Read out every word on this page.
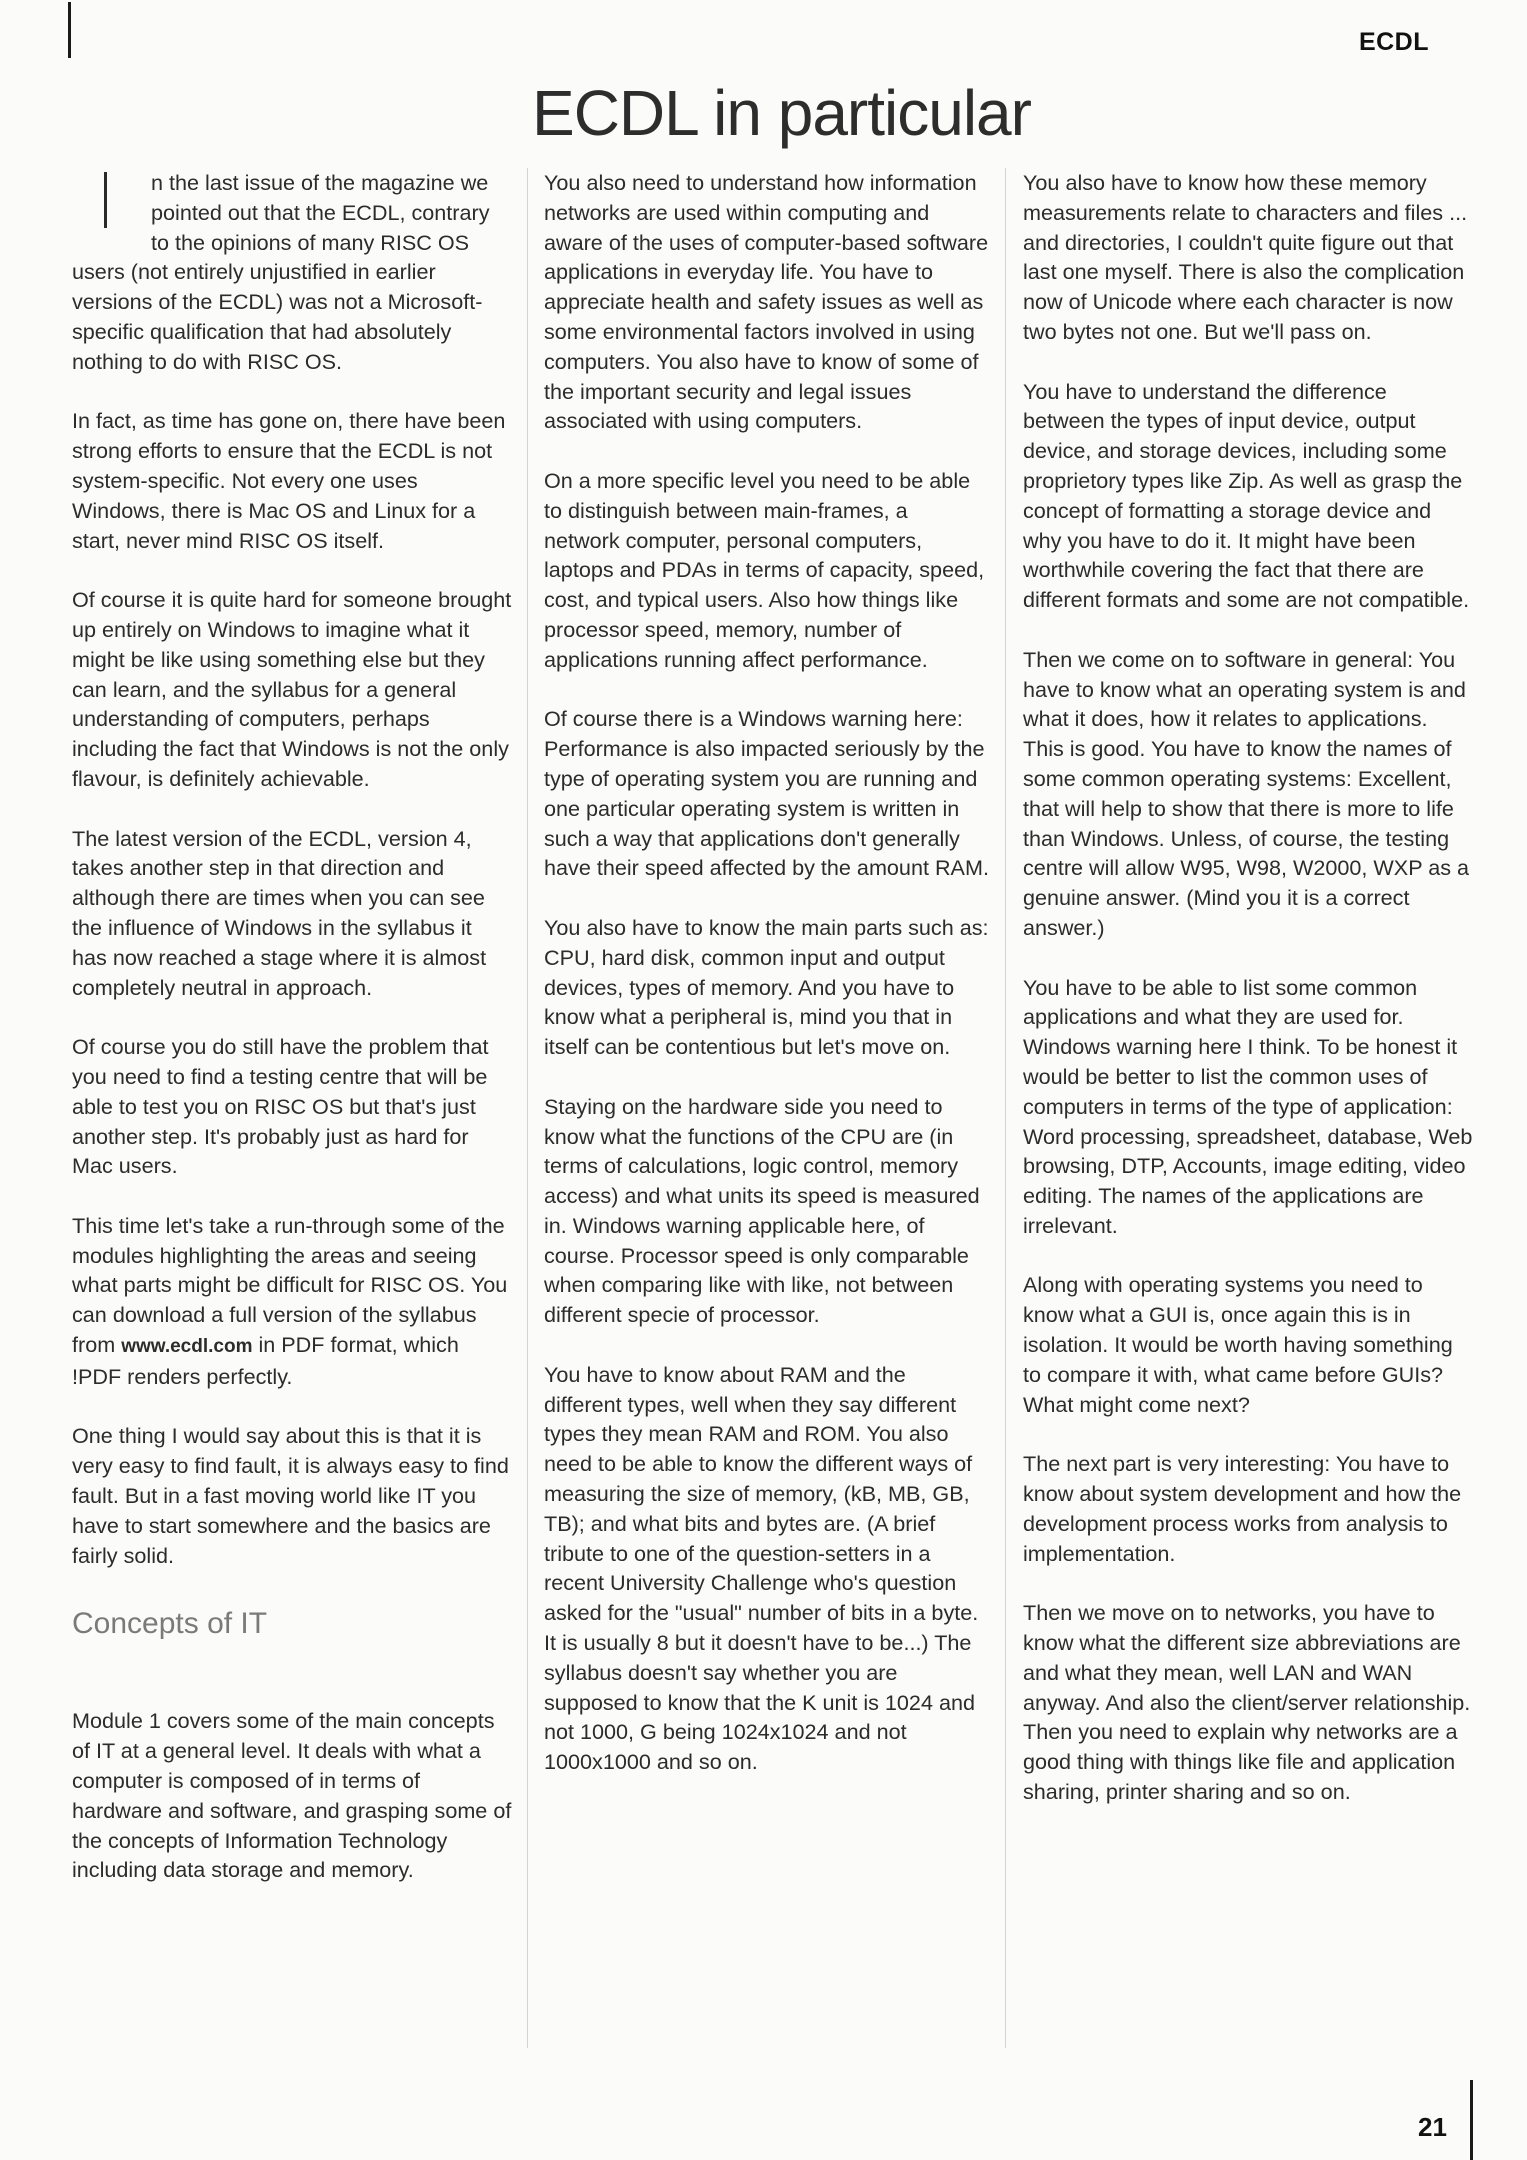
ECDL
ECDL in particular

n the last issue of the magazine we pointed out that the ECDL, contrary to the opinions of many RISC OS users (not entirely unjustified in earlier versions of the ECDL) was not a Microsoft-specific qualification that had absolutely nothing to do with RISC OS.

In fact, as time has gone on, there have been strong efforts to ensure that the ECDL is not system-specific. Not every one uses Windows, there is Mac OS and Linux for a start, never mind RISC OS itself.

Of course it is quite hard for someone brought up entirely on Windows to imagine what it might be like using something else but they can learn, and the syllabus for a general understanding of computers, perhaps including the fact that Windows is not the only flavour, is definitely achievable.

The latest version of the ECDL, version 4, takes another step in that direction and although there are times when you can see the influence of Windows in the syllabus it has now reached a stage where it is almost completely neutral in approach.

Of course you do still have the problem that you need to find a testing centre that will be able to test you on RISC OS but that's just another step. It's probably just as hard for Mac users.

This time let's take a run-through some of the modules highlighting the areas and seeing what parts might be difficult for RISC OS. You can download a full version of the syllabus from www.ecdl.com in PDF format, which !PDF renders perfectly.

One thing I would say about this is that it is very easy to find fault, it is always easy to find fault. But in a fast moving world like IT you have to start somewhere and the basics are fairly solid.

Concepts of IT

Module 1 covers some of the main concepts of IT at a general level. It deals with what a computer is composed of in terms of hardware and software, and grasping some of the concepts of Information Technology including data storage and memory.

You also need to understand how information networks are used within computing and aware of the uses of computer-based software applications in everyday life. You have to appreciate health and safety issues as well as some environmental factors involved in using computers. You also have to know of some of the important security and legal issues associated with using computers.

On a more specific level you need to be able to distinguish between main-frames, a network computer, personal computers, laptops and PDAs in terms of capacity, speed, cost, and typical users. Also how things like processor speed, memory, number of applications running affect performance.

Of course there is a Windows warning here: Performance is also impacted seriously by the type of operating system you are running and one particular operating system is written in such a way that applications don't generally have their speed affected by the amount RAM.

You also have to know the main parts such as: CPU, hard disk, common input and output devices, types of memory. And you have to know what a peripheral is, mind you that in itself can be contentious but let's move on.

Staying on the hardware side you need to know what the functions of the CPU are (in terms of calculations, logic control, memory access) and what units its speed is measured in. Windows warning applicable here, of course. Processor speed is only comparable when comparing like with like, not between different specie of processor.

You have to know about RAM and the different types, well when they say different types they mean RAM and ROM. You also need to be able to know the different ways of measuring the size of memory, (kB, MB, GB, TB); and what bits and bytes are. (A brief tribute to one of the question-setters in a recent University Challenge who's question asked for the "usual" number of bits in a byte. It is usually 8 but it doesn't have to be...) The syllabus doesn't say whether you are supposed to know that the K unit is 1024 and not 1000, G being 1024x1024 and not 1000x1000 and so on.

You also have to know how these memory measurements relate to characters and files ... and directories, I couldn't quite figure out that last one myself. There is also the complication now of Unicode where each character is now two bytes not one. But we'll pass on.

You have to understand the difference between the types of input device, output device, and storage devices, including some proprietory types like Zip. As well as grasp the concept of formatting a storage device and why you have to do it. It might have been worthwhile covering the fact that there are different formats and some are not compatible.

Then we come on to software in general: You have to know what an operating system is and what it does, how it relates to applications. This is good. You have to know the names of some common operating systems: Excellent, that will help to show that there is more to life than Windows. Unless, of course, the testing centre will allow W95, W98, W2000, WXP as a genuine answer. (Mind you it is a correct answer.)

You have to be able to list some common applications and what they are used for. Windows warning here I think. To be honest it would be better to list the common uses of computers in terms of the type of application: Word processing, spreadsheet, database, Web browsing, DTP, Accounts, image editing, video editing. The names of the applications are irrelevant.

Along with operating systems you need to know what a GUI is, once again this is in isolation. It would be worth having something to compare it with, what came before GUIs? What might come next?

The next part is very interesting: You have to know about system development and how the development process works from analysis to implementation.

Then we move on to networks, you have to know what the different size abbreviations are and what they mean, well LAN and WAN anyway. And also the client/server relationship. Then you need to explain why networks are a good thing with things like file and application sharing, printer sharing and so on.

21
